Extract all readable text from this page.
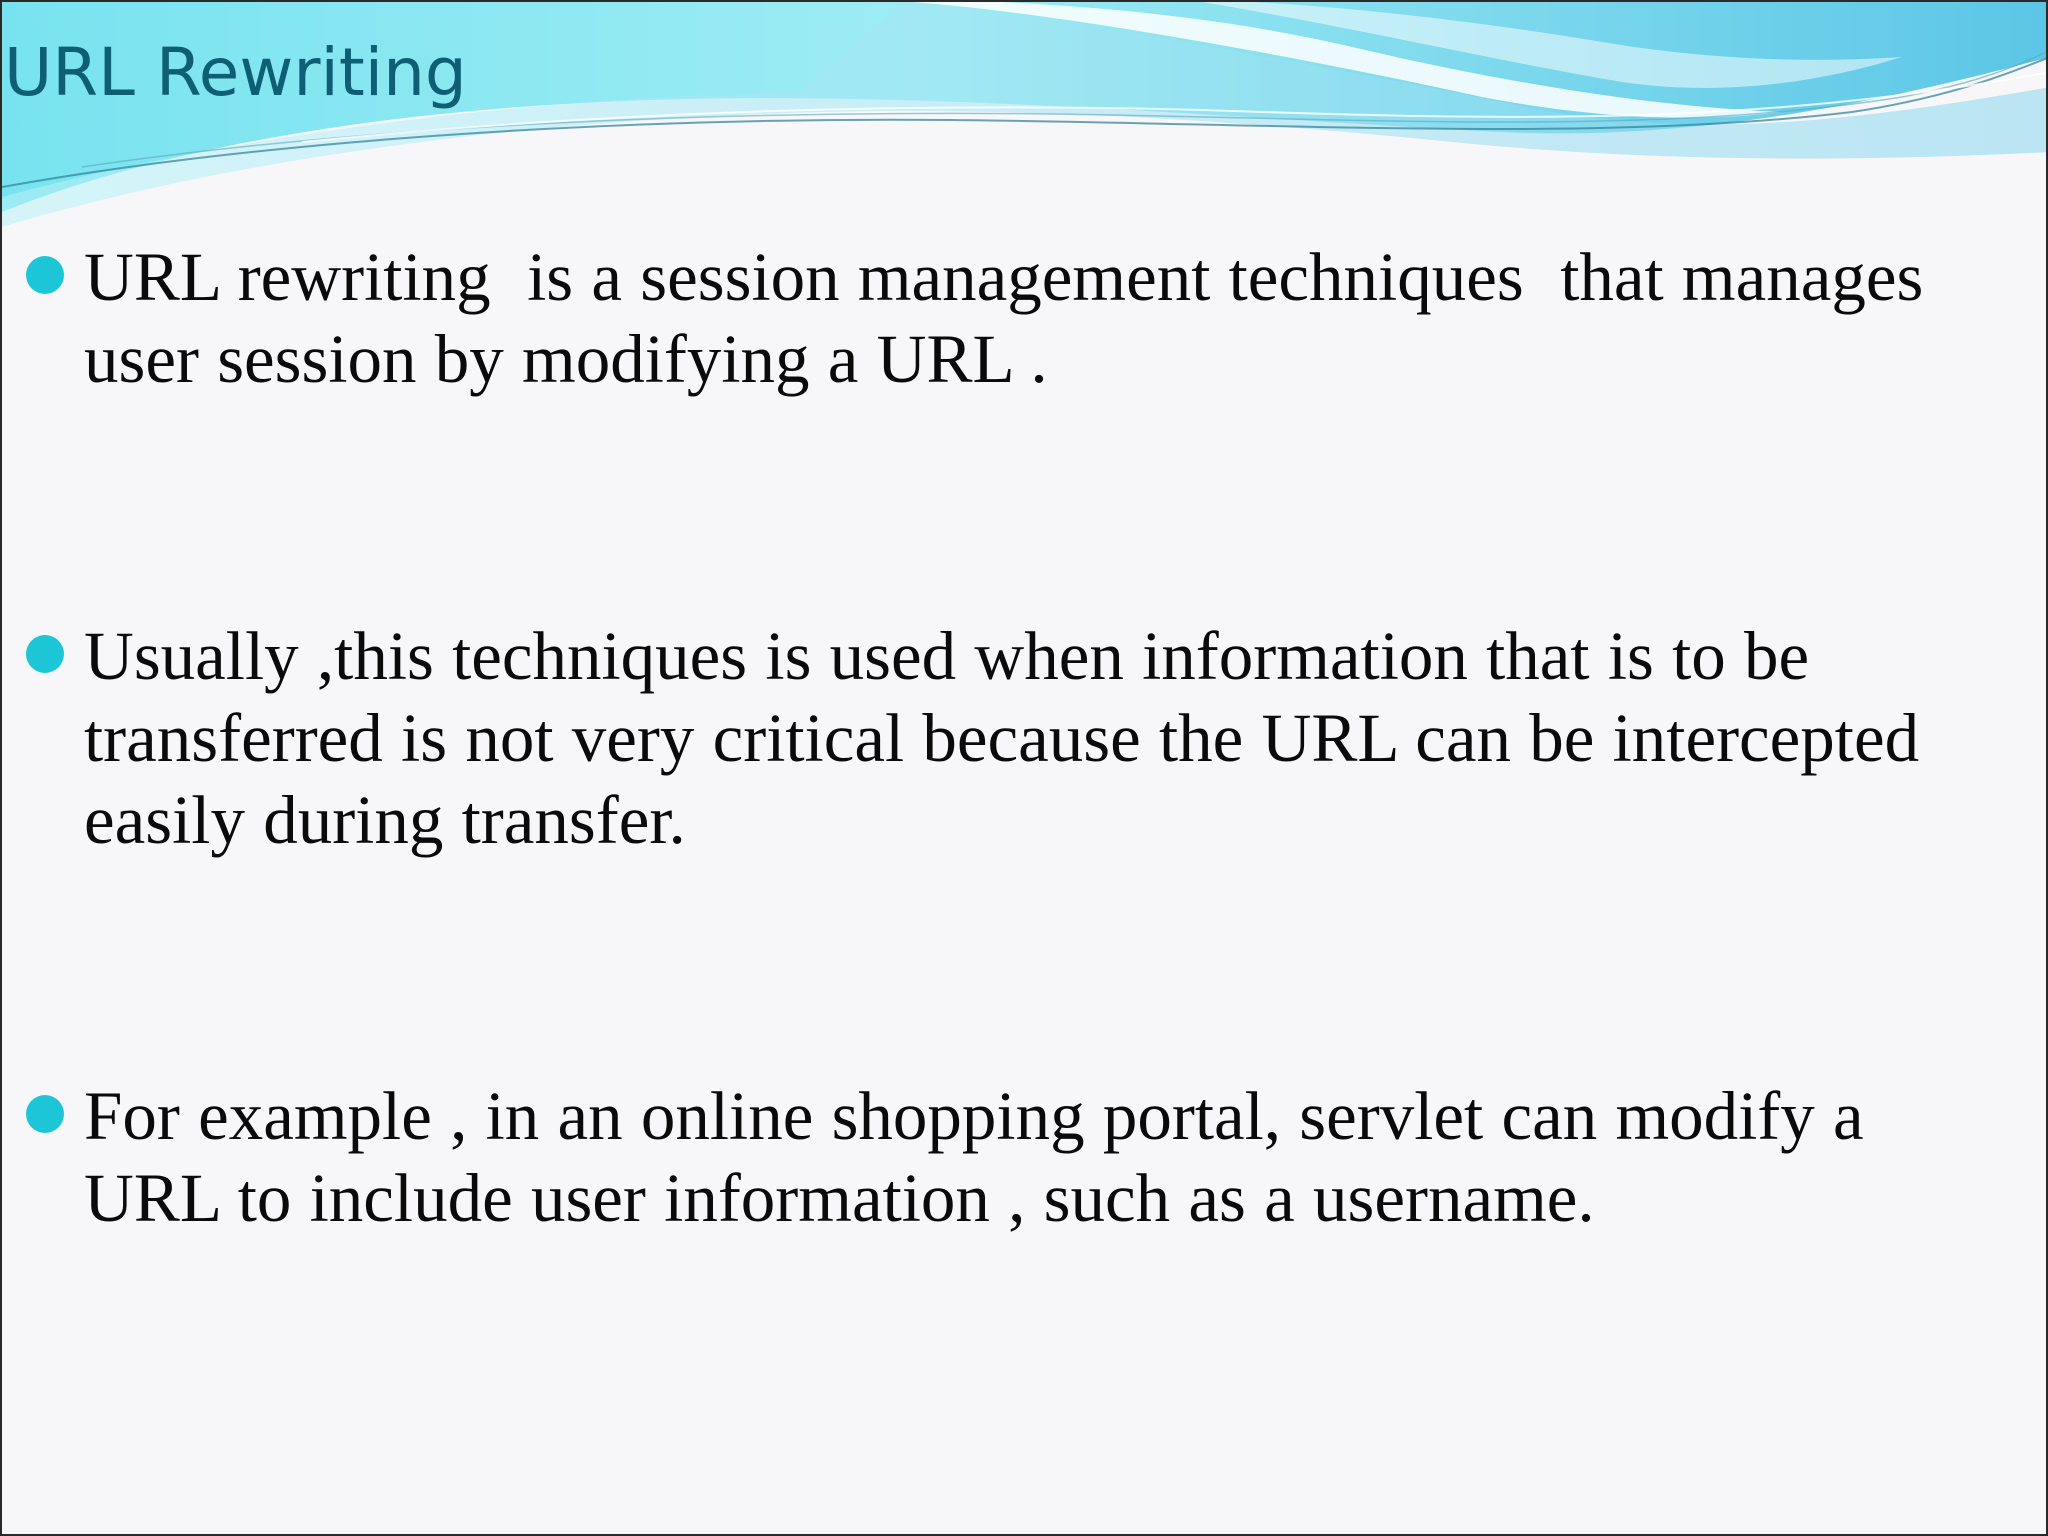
URL Rewriting
URL rewriting  is a session management techniques  that manages user session by modifying a URL .
Usually ,this techniques is used when information that is to be transferred is not very critical because the URL can be intercepted easily during transfer.
For example , in an online shopping portal, servlet can modify a URL to include user information , such as a username.
